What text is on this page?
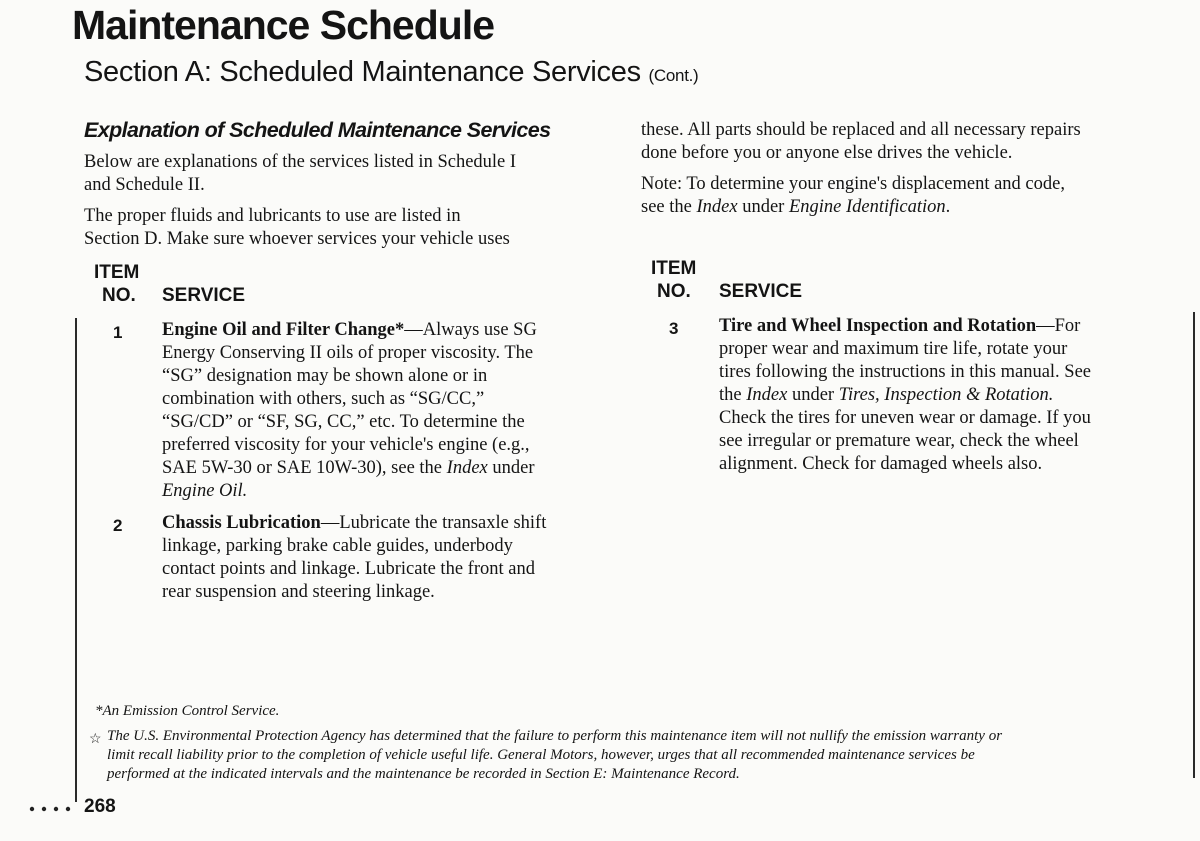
Maintenance Schedule
Section A: Scheduled Maintenance Services (Cont.)
Explanation of Scheduled Maintenance Services
Below are explanations of the services listed in Schedule I
and Schedule II.
The proper fluids and lubricants to use are listed in
Section D. Make sure whoever services your vehicle uses
these. All parts should be replaced and all necessary repairs
done before you or anyone else drives the vehicle.
Note: To determine your engine's displacement and code,
see the Index under Engine Identification.
ITEM
NO. SERVICE
ITEM
NO. SERVICE
1 Engine Oil and Filter Change*—Always use SG
Energy Conserving II oils of proper viscosity. The
“SG” designation may be shown alone or in
combination with others, such as “SG/CC,”
“SG/CD” or “SF, SG, CC,” etc. To determine the
preferred viscosity for your vehicle's engine (e.g.,
SAE 5W-30 or SAE 10W-30), see the Index under
Engine Oil.
2 Chassis Lubrication—Lubricate the transaxle shift
linkage, parking brake cable guides, underbody
contact points and linkage. Lubricate the front and
rear suspension and steering linkage.
3 Tire and Wheel Inspection and Rotation—For
proper wear and maximum tire life, rotate your
tires following the instructions in this manual. See
the Index under Tires, Inspection & Rotation.
Check the tires for uneven wear or damage. If you
see irregular or premature wear, check the wheel
alignment. Check for damaged wheels also.
*An Emission Control Service.
☆ The U.S. Environmental Protection Agency has determined that the failure to perform this maintenance item will not nullify the emission warranty or
limit recall liability prior to the completion of vehicle useful life. General Motors, however, urges that all recommended maintenance services be
performed at the indicated intervals and the maintenance be recorded in Section E: Maintenance Record.
268
